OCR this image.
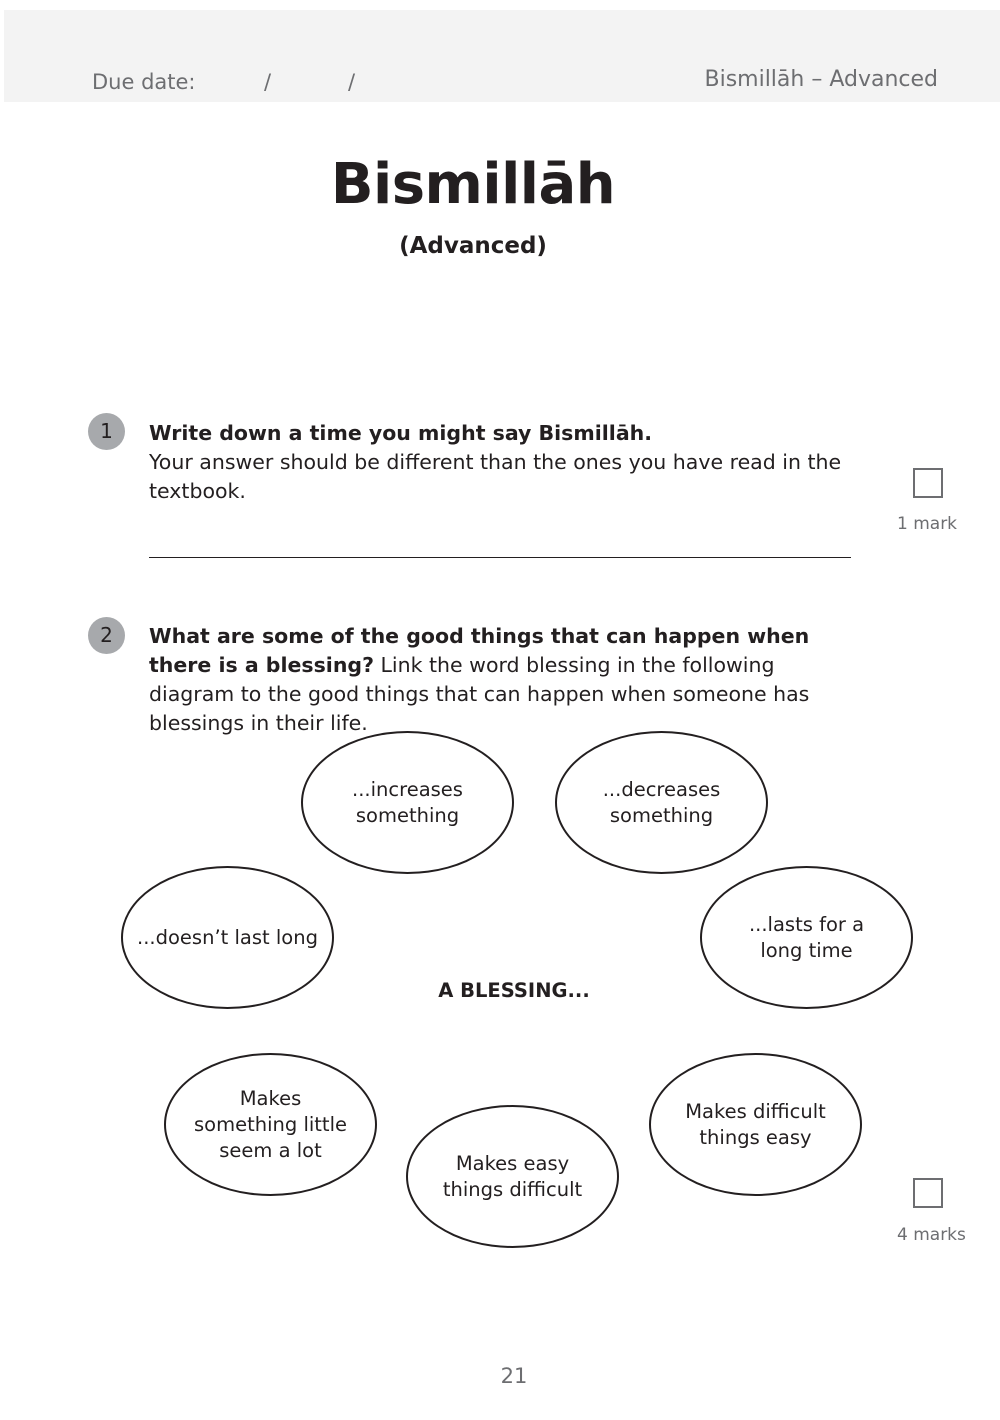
Due date:	/	/	Bismillāh – Advanced
Bismillāh
(Advanced)
1	Write down a time you might say Bismillāh.
Your answer should be different than the ones you have read in the textbook.
1 mark
2	What are some of the good things that can happen when there is a blessing? Link the word blessing in the following diagram to the good things that can happen when someone has blessings in their life.
...increases something
...decreases something
...doesn’t last long
...lasts for a long time
A BLESSING...
Makes something little seem a lot
Makes easy things difficult
Makes difficult things easy
4 marks
21
